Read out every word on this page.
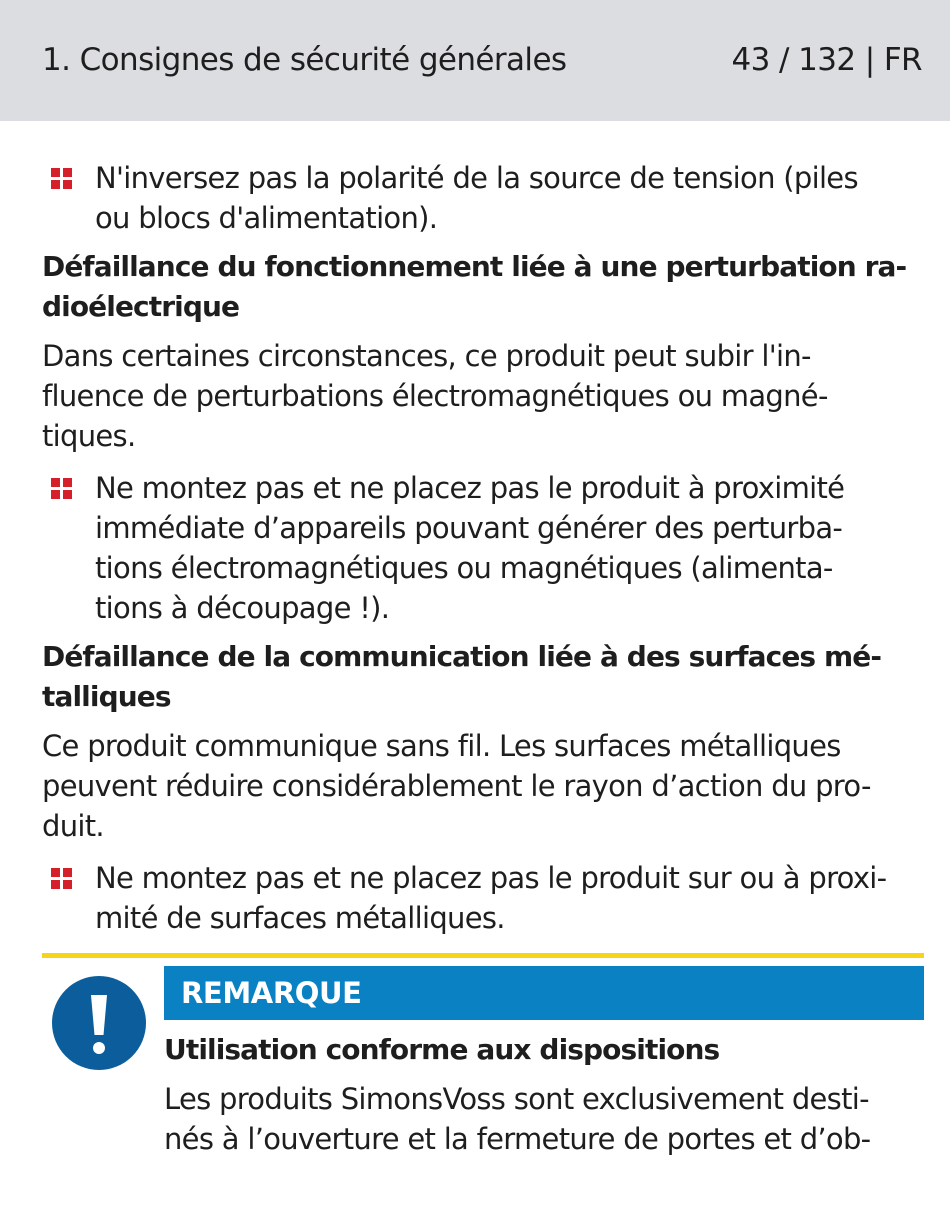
1. Consignes de sécurité générales	43 / 132 | FR
N'inversez pas la polarité de la source de tension (piles
ou blocs d'alimentation).
Défaillance du fonctionnement liée à une perturbation ra-
dioélectrique
Dans certaines circonstances, ce produit peut subir l'in-
fluence de perturbations électromagnétiques ou magné-
tiques.
Ne montez pas et ne placez pas le produit à proximité
immédiate d’appareils pouvant générer des perturba-
tions électromagnétiques ou magnétiques (alimenta-
tions à découpage !).
Défaillance de la communication liée à des surfaces mé-
talliques
Ce produit communique sans fil. Les surfaces métalliques
peuvent réduire considérablement le rayon d’action du pro-
duit.
Ne montez pas et ne placez pas le produit sur ou à proxi-
mité de surfaces métalliques.
REMARQUE
Utilisation conforme aux dispositions
Les produits SimonsVoss sont exclusivement desti-
nés à l’ouverture et la fermeture de portes et d’ob-
